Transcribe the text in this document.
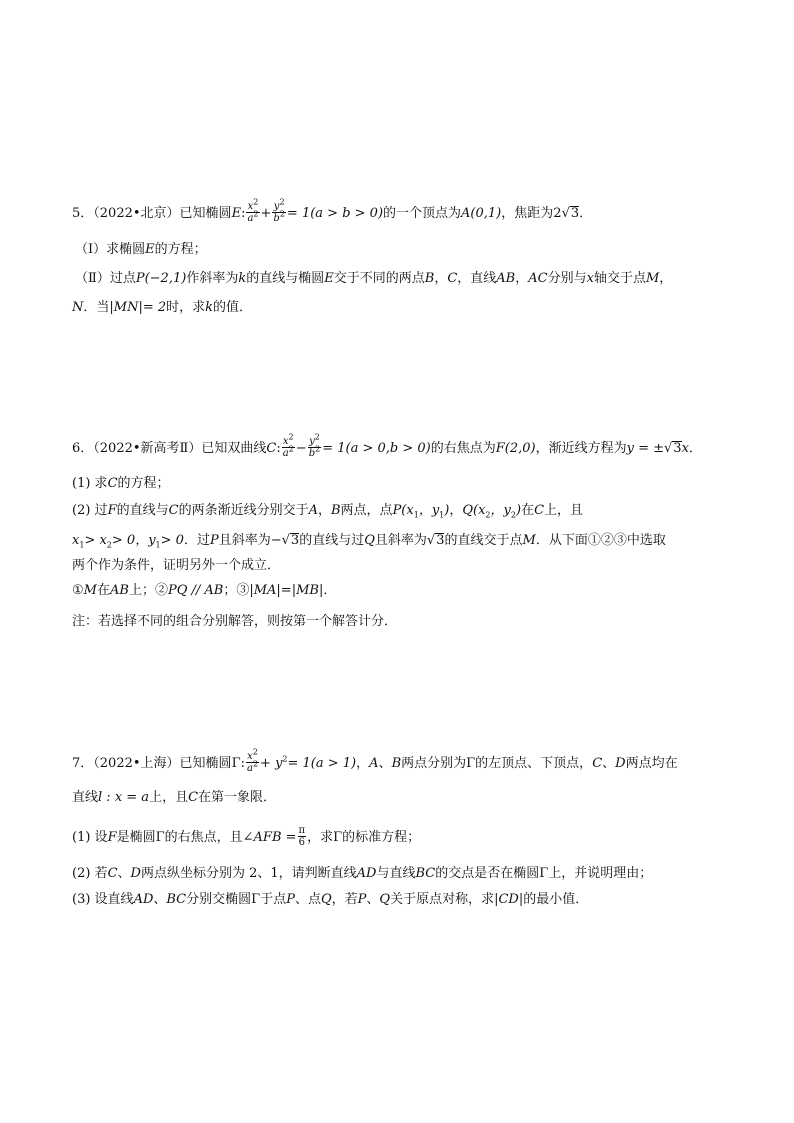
5．（2022•北京）已知椭圆E: $\frac{x^2}{a^2} + \frac{y^2}{b^2} = 1(a > b > 0)$的一个顶点为A(0,1)，焦距为2√3．
（Ⅰ）求椭圆E的方程；
（Ⅱ）过点P(−2,1)作斜率为k的直线与椭圆E交于不同的两点B，C，直线AB，AC分别与x轴交于点M，
N．当|MN|= 2时，求k的值．
6．（2022•新高考Ⅱ）已知双曲线C: $\frac{x^2}{a^2} - \frac{y^2}{b^2} = 1(a > 0,b > 0)$的右焦点为F(2,0)，渐近线方程为y = ±√3x．
(1) 求C的方程；
(2) 过F的直线与C的两条渐近线分别交于A，B两点，点$P(x_1$，$y_1$)，$Q(x_2$，$y_2$)在C上，且
$x_1> x_2> 0$，$y_1> 0$．过P且斜率为−√3的直线与过Q且斜率为√3的直线交于点M．从下面①②③中选取
两个作为条件，证明另外一个成立．
①M在AB上；②PQ // AB；③|MA|=|MB|．
注：若选择不同的组合分别解答，则按第一个解答计分．
7．（2022•上海）已知椭圆Γ: $\frac{x^2}{a^2} + y^2= 1(a > 1)$，A、B两点分别为Γ的左顶点、下顶点，C、D两点均在
直线l : x = a上，且C在第一象限．
(1) 设F是椭圆Γ的右焦点，且∠AFB = $\frac{\pi}{6}$ ，求Γ的标准方程；
(2) 若C、D两点纵坐标分别为 2、1，请判断直线AD与直线BC的交点是否在椭圆Γ上，并说明理由；
(3) 设直线AD、BC分别交椭圆Γ于点P、点Q，若P、Q关于原点对称，求|CD|的最小值．
